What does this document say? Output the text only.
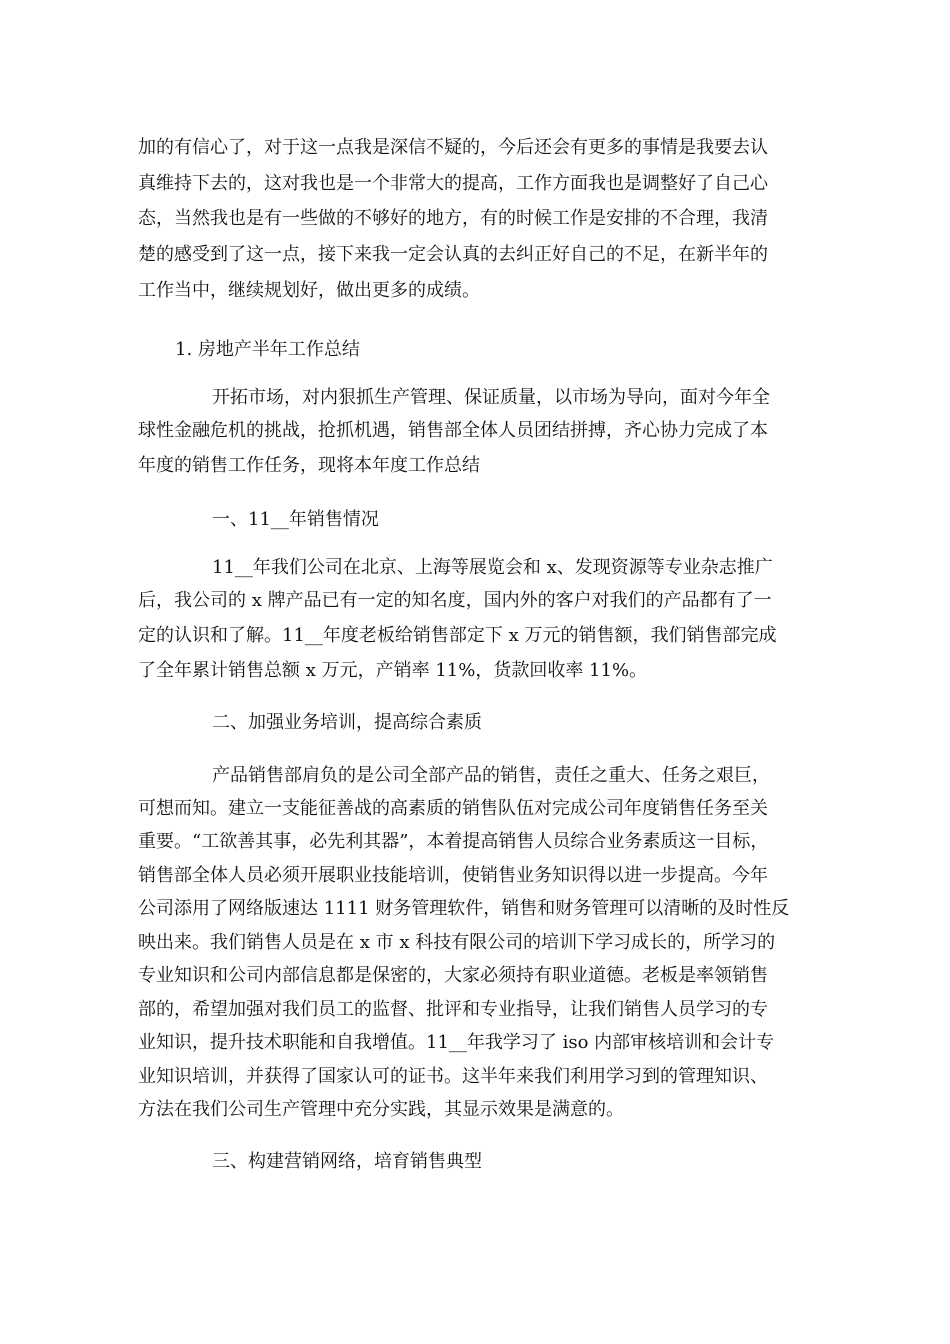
加的有信心了，对于这一点我是深信不疑的，今后还会有更多的事情是我要去认
真维持下去的，这对我也是一个非常大的提高，工作方面我也是调整好了自己心
态，当然我也是有一些做的不够好的地方，有的时候工作是安排的不合理，我清
楚的感受到了这一点，接下来我一定会认真的去纠正好自己的不足，在新半年的
工作当中，继续规划好，做出更多的成绩。
1. 房地产半年工作总结
开拓市场，对内狠抓生产管理、保证质量，以市场为导向，面对今年全
球性金融危机的挑战，抢抓机遇，销售部全体人员团结拼搏，齐心协力完成了本
年度的销售工作任务，现将本年度工作总结
一、11__年销售情况
11__年我们公司在北京、上海等展览会和 x、发现资源等专业杂志推广
后，我公司的 x 牌产品已有一定的知名度，国内外的客户对我们的产品都有了一
定的认识和了解。11__年度老板给销售部定下 x 万元的销售额，我们销售部完成
了全年累计销售总额 x 万元，产销率 11%，货款回收率 11%。
二、加强业务培训，提高综合素质
产品销售部肩负的是公司全部产品的销售，责任之重大、任务之艰巨，
可想而知。建立一支能征善战的高素质的销售队伍对完成公司年度销售任务至关
重要。“工欲善其事，必先利其器”，本着提高销售人员综合业务素质这一目标，
销售部全体人员必须开展职业技能培训，使销售业务知识得以进一步提高。今年
公司添用了网络版速达 1111 财务管理软件，销售和财务管理可以清晰的及时性反
映出来。我们销售人员是在 x 市 x 科技有限公司的培训下学习成长的，所学习的
专业知识和公司内部信息都是保密的，大家必须持有职业道德。老板是率领销售
部的，希望加强对我们员工的监督、批评和专业指导，让我们销售人员学习的专
业知识，提升技术职能和自我增值。11__年我学习了 iso 内部审核培训和会计专
业知识培训，并获得了国家认可的证书。这半年来我们利用学习到的管理知识、
方法在我们公司生产管理中充分实践，其显示效果是满意的。
三、构建营销网络，培育销售典型
